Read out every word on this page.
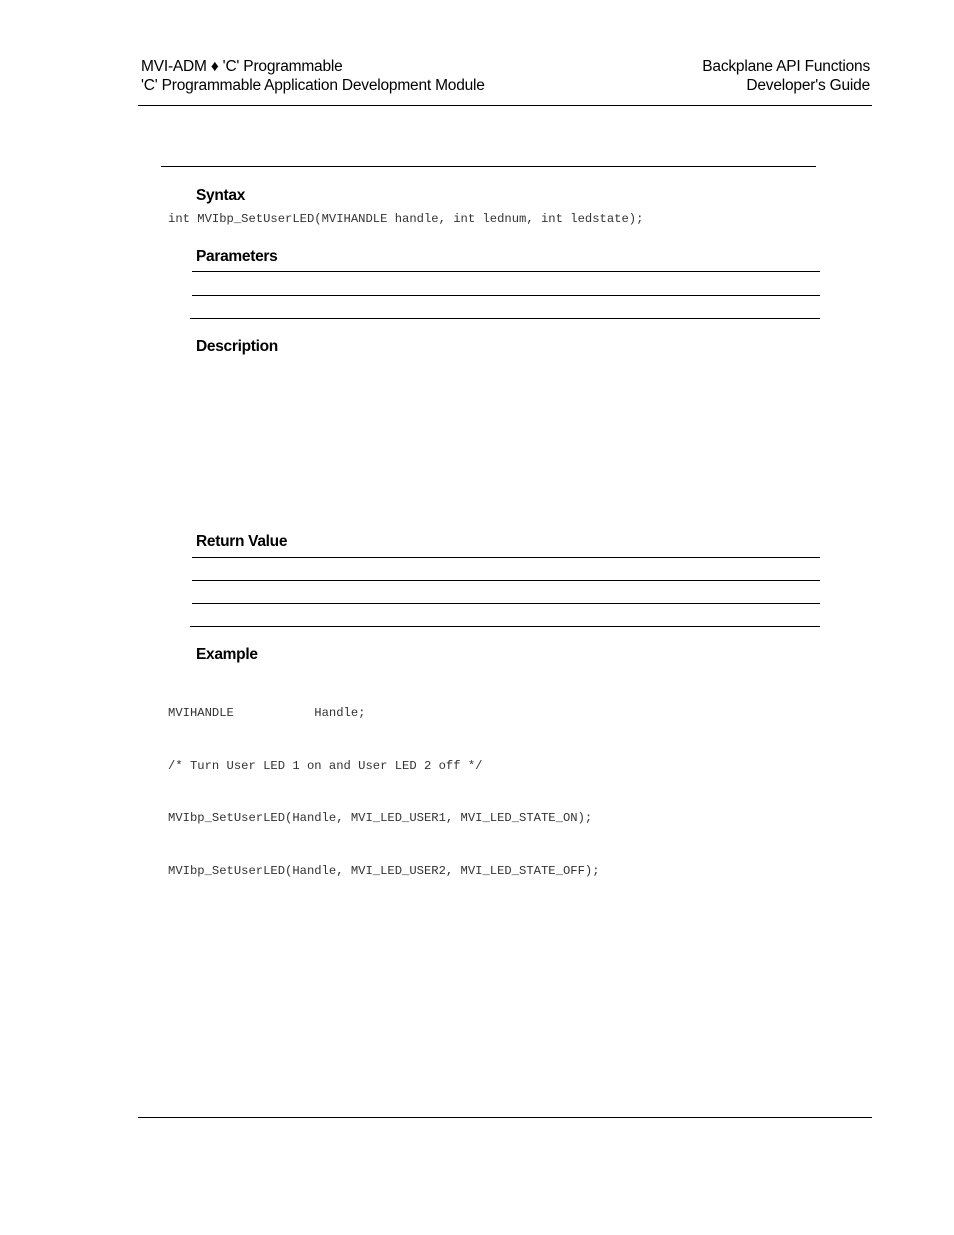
MVI-ADM ♦ 'C' Programmable
'C' Programmable Application Development Module
Backplane API Functions
Developer's Guide
Syntax
int MVIbp_SetUserLED(MVIHANDLE handle, int lednum, int ledstate);
Parameters
Description
Return Value
Example

MVIHANDLE           Handle;

/* Turn User LED 1 on and User LED 2 off */

MVIbp_SetUserLED(Handle, MVI_LED_USER1, MVI_LED_STATE_ON);

MVIbp_SetUserLED(Handle, MVI_LED_USER2, MVI_LED_STATE_OFF);
